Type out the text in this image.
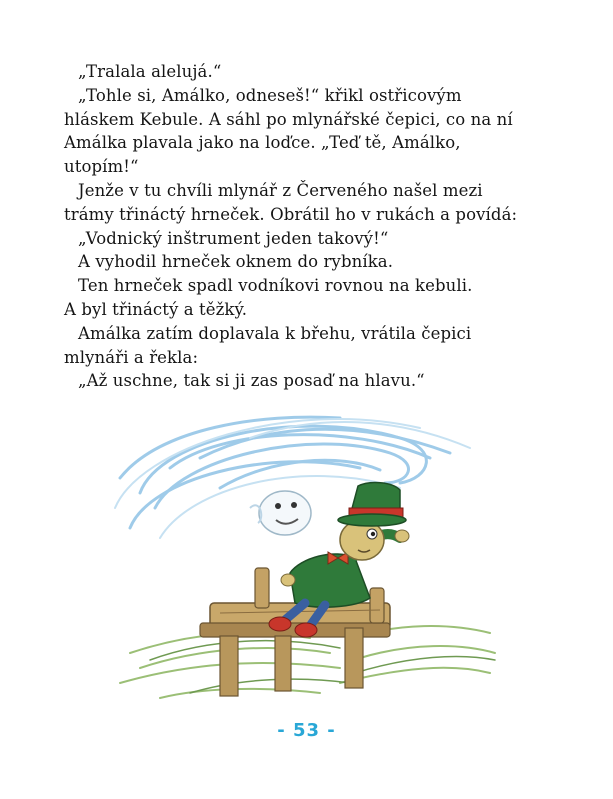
„Tralala alelujá.“

„Tohle si, Amálko, odneseš!“ křikl ostřicovým

hláskem Kebule. A sáhl po mlynářské čepici, co na ní

Amálka plavala jako na loďce. „Teď tě, Amálko,

utopím!“

Jenže v tu chvíli mlynář z Červeného našel mezi

trámy třináctý hrneček. Obrátil ho v rukách a povídá:

„Vodnický inštrument jeden takový!“

A vyhodil hrneček oknem do rybníka.

Ten hrneček spadl vodníkovi rovnou na kebuli.

A byl třináctý a těžký.

Amálka zatím doplavala k břehu, vrátila čepici

mlynáři a řekla:

„Až uschne, tak si ji zas posaď na hlavu.“

- 53 -
